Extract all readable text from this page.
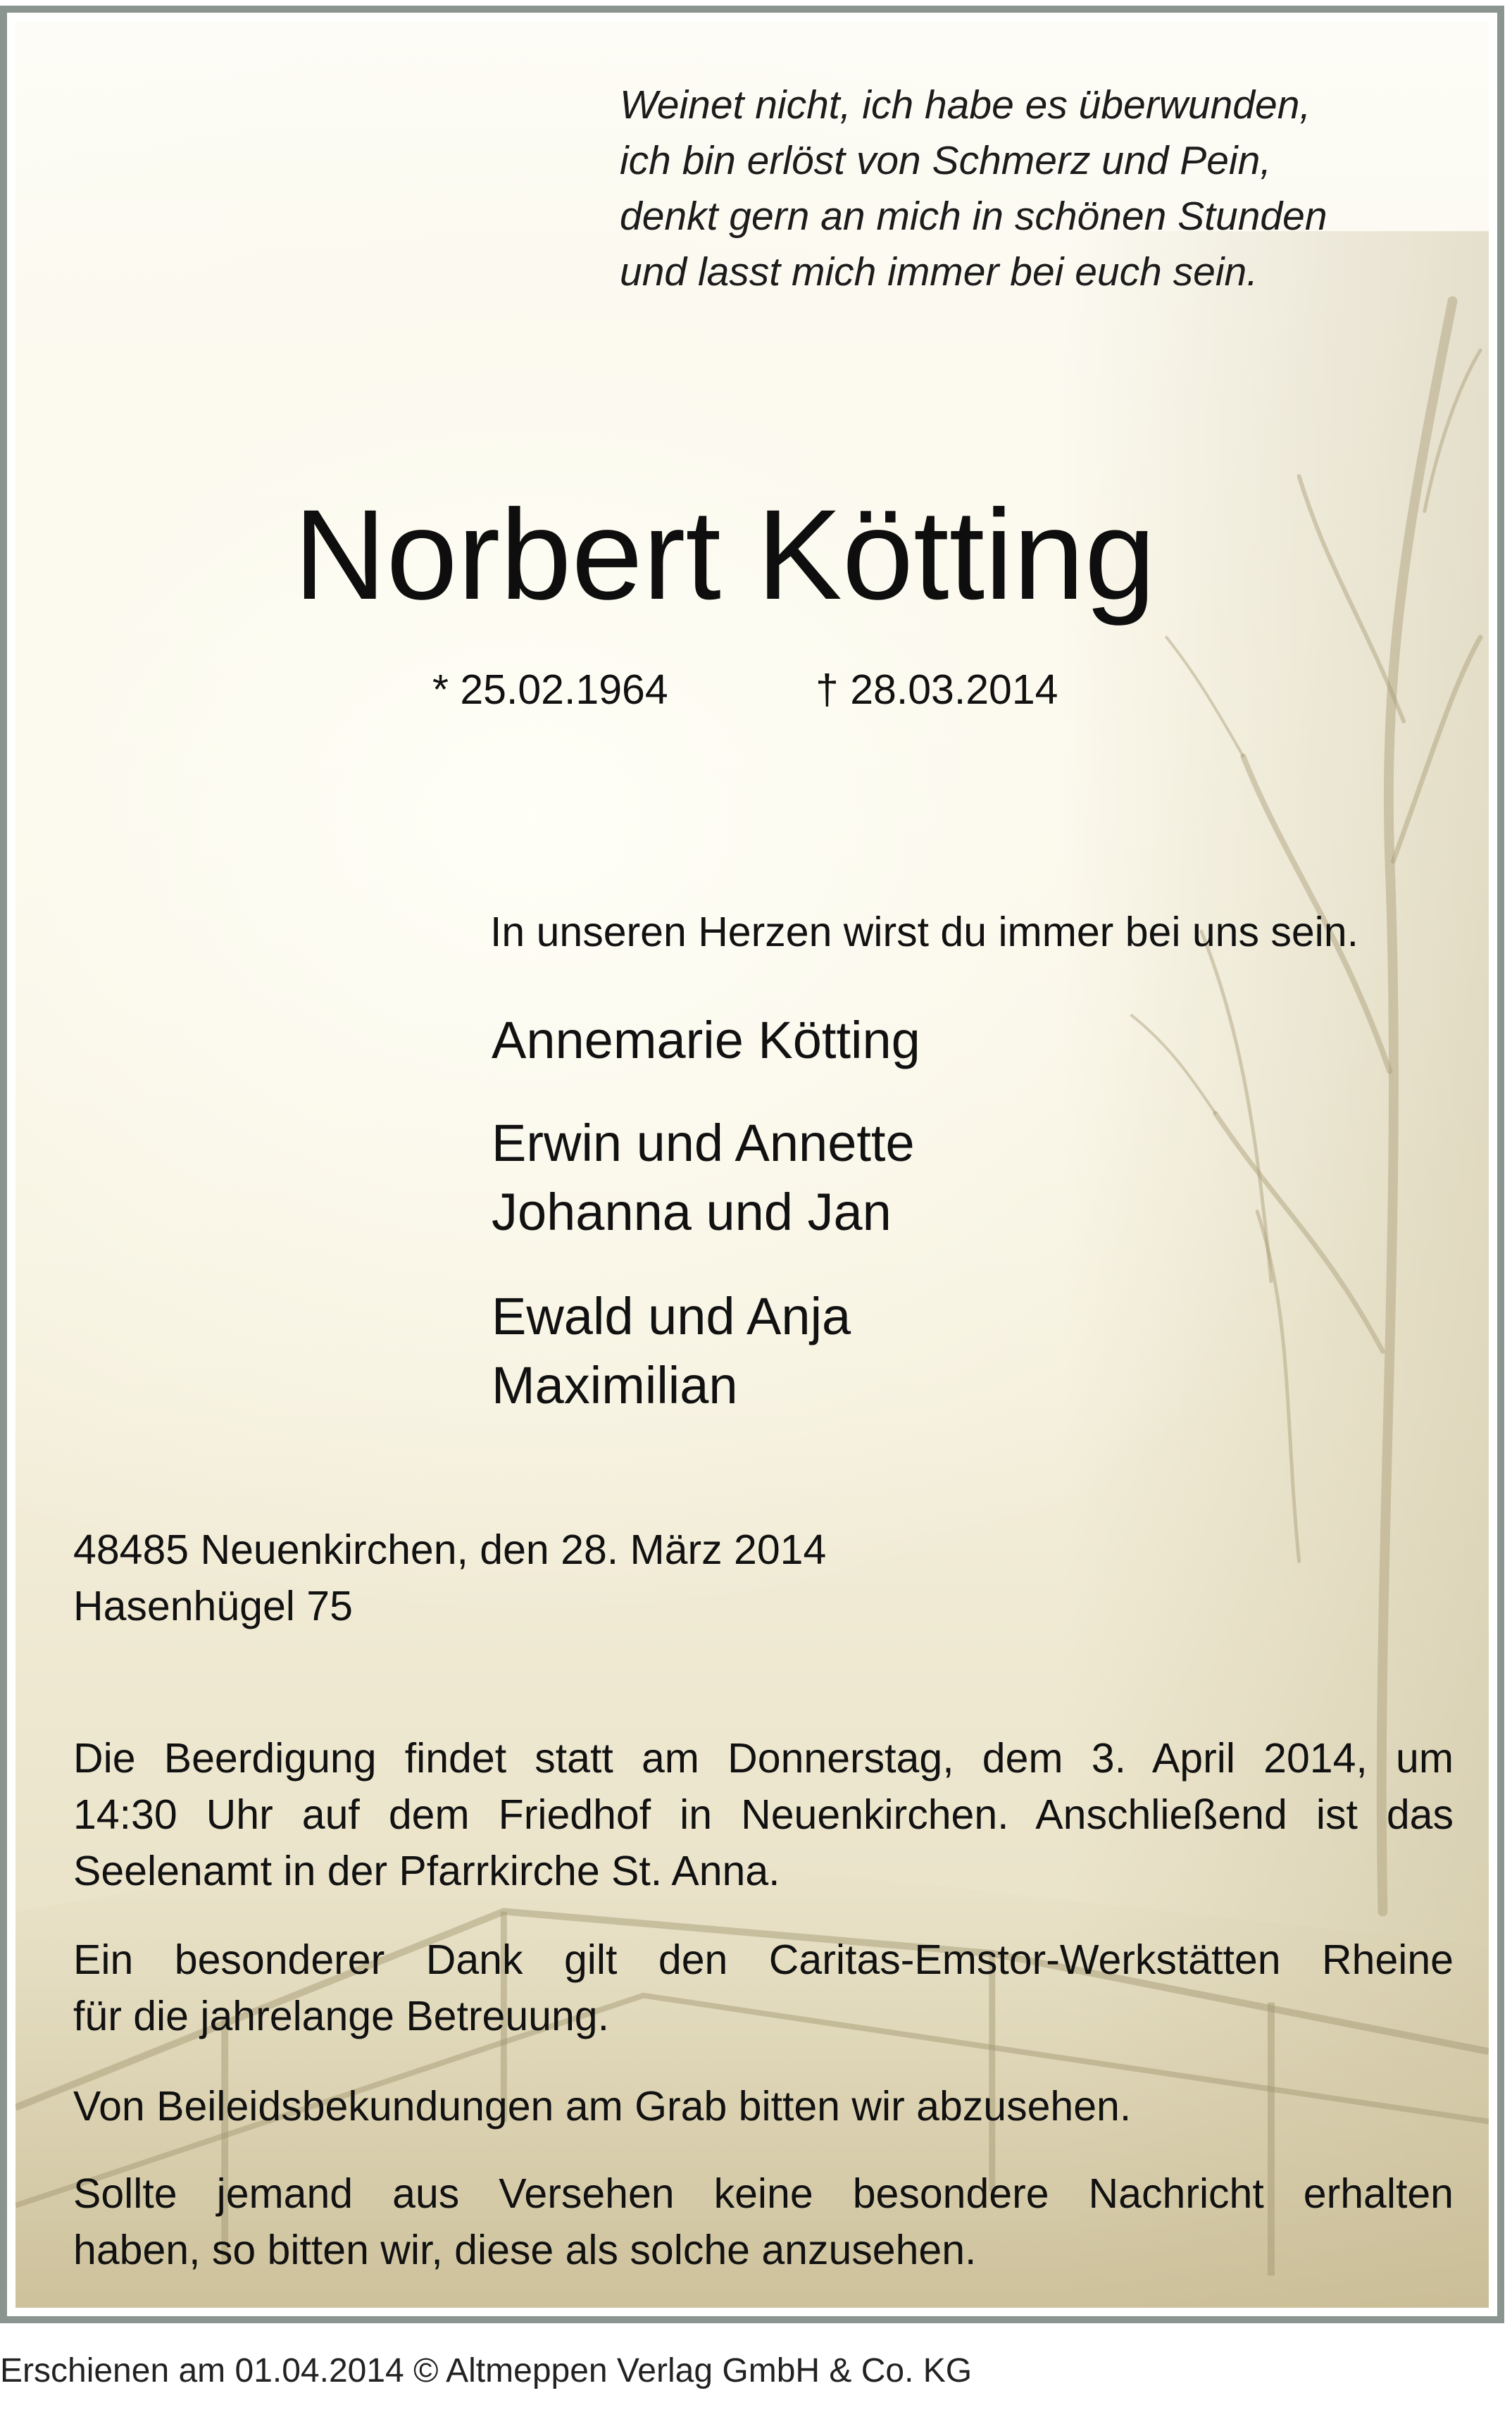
Weinet nicht, ich habe es überwunden,
ich bin erlöst von Schmerz und Pein,
denkt gern an mich in schönen Stunden
und lasst mich immer bei euch sein.

Norbert Kötting

* 25.02.1964	† 28.03.2014

In unseren Herzen wirst du immer bei uns sein.

Annemarie Kötting

Erwin und Annette

Johanna und Jan

Ewald und Anja

Maximilian

48485 Neuenkirchen, den 28. März 2014
Hasenhügel 75

Die Beerdigung findet statt am Donnerstag, dem 3. April 2014, um
14:30 Uhr auf dem Friedhof in Neuenkirchen. Anschließend ist das
Seelenamt in der Pfarrkirche St. Anna.

Ein besonderer Dank gilt den Caritas-Emstor-Werkstätten Rheine
für die jahrelange Betreuung.

Von Beileidsbekundungen am Grab bitten wir abzusehen.

Sollte jemand aus Versehen keine besondere Nachricht erhalten
haben, so bitten wir, diese als solche anzusehen.

Erschienen am 01.04.2014 © Altmeppen Verlag GmbH & Co. KG
